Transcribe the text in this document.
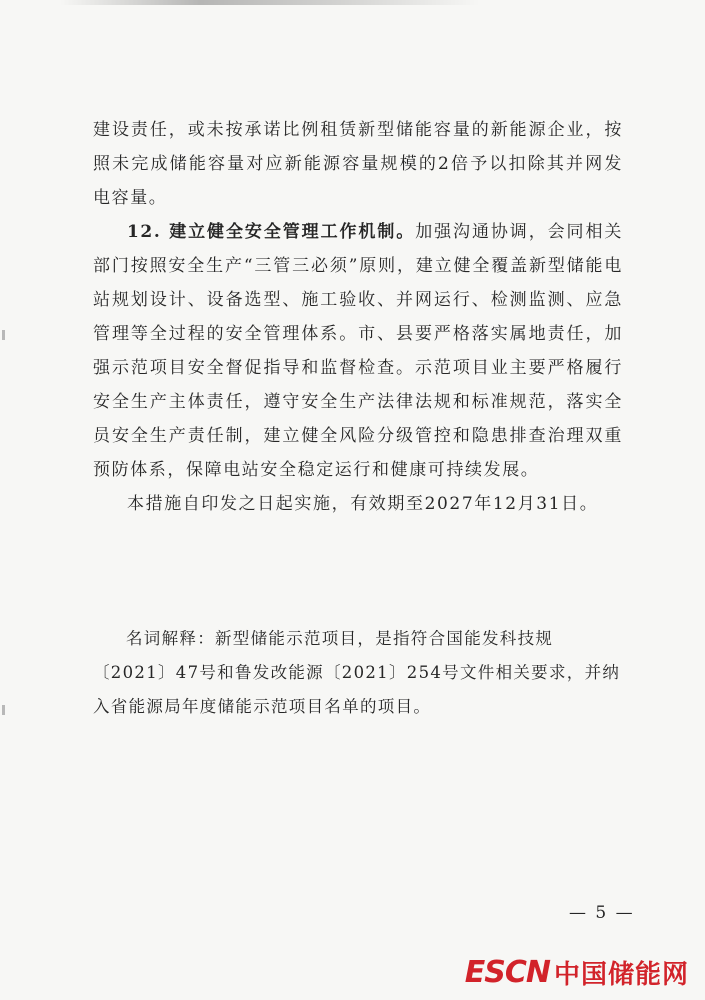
建设责任，或未按承诺比例租赁新型储能容量的新能源企业，按照未完成储能容量对应新能源容量规模的2倍予以扣除其并网发电容量。

12. 建立健全安全管理工作机制。加强沟通协调，会同相关部门按照安全生产“三管三必须”原则，建立健全覆盖新型储能电站规划设计、设备选型、施工验收、并网运行、检测监测、应急管理等全过程的安全管理体系。市、县要严格落实属地责任，加强示范项目安全督促指导和监督检查。示范项目业主要严格履行安全生产主体责任，遵守安全生产法律法规和标准规范，落实全员安全生产责任制，建立健全风险分级管控和隐患排查治理双重预防体系，保障电站安全稳定运行和健康可持续发展。

本措施自印发之日起实施，有效期至2027年12月31日。

名词解释：新型储能示范项目，是指符合国能发科技规〔2021〕47号和鲁发改能源〔2021〕254号文件相关要求，并纳入省能源局年度储能示范项目名单的项目。

— 5 —
ESCN 中国储能网
